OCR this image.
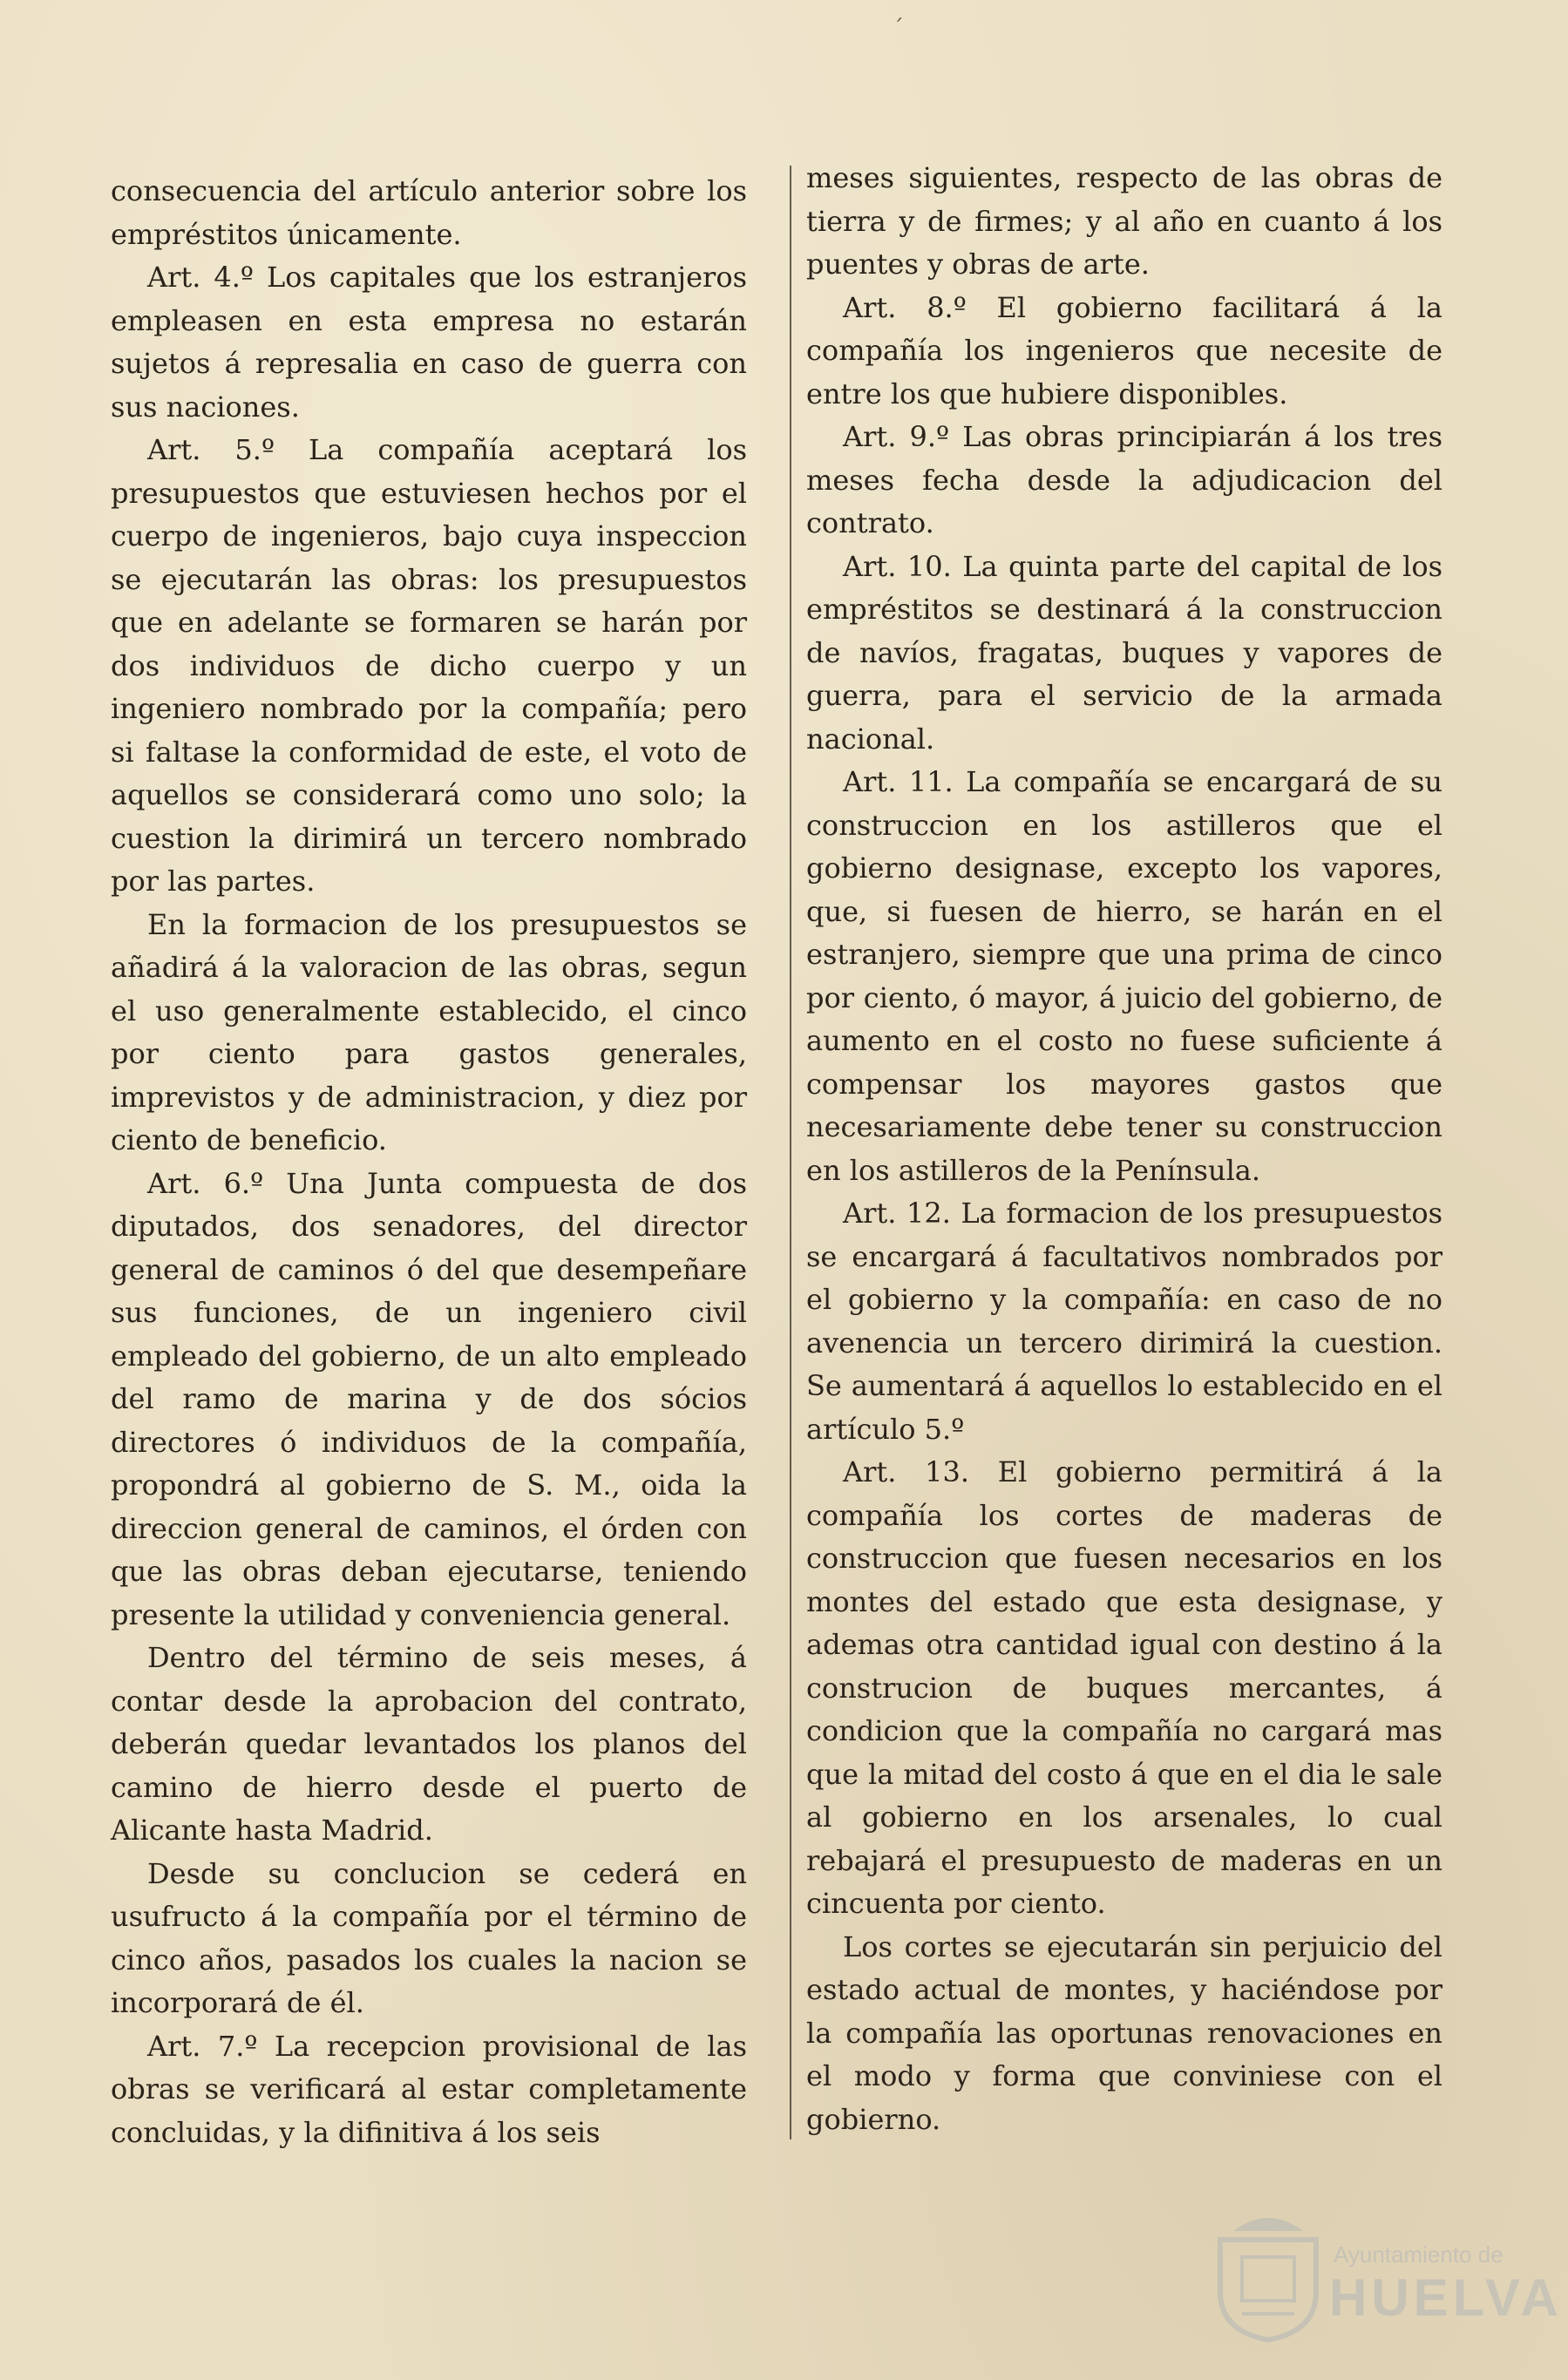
ˊ

consecuencia del artículo anterior sobre los empréstitos únicamente.

Art. 4.º Los capitales que los estranjeros empleasen en esta empresa no estarán sujetos á represalia en caso de guerra con sus naciones.

Art. 5.º La compañía aceptará los presupuestos que estuviesen hechos por el cuerpo de ingenieros, bajo cuya inspeccion se ejecutarán las obras: los presupuestos que en adelante se formaren se harán por dos individuos de dicho cuerpo y un ingeniero nombrado por la compañía; pero si faltase la conformidad de este, el voto de aquellos se considerará como uno solo; la cuestion la dirimirá un tercero nombrado por las partes.

En la formacion de los presupuestos se añadirá á la valoracion de las obras, segun el uso generalmente establecido, el cinco por ciento para gastos generales, imprevistos y de administracion, y diez por ciento de beneficio.

Art. 6.º Una Junta compuesta de dos diputados, dos senadores, del director general de caminos ó del que desempeñare sus funciones, de un ingeniero civil empleado del gobierno, de un alto empleado del ramo de marina y de dos sócios directores ó individuos de la compañía, propondrá al gobierno de S. M., oida la direccion general de caminos, el órden con que las obras deban ejecutarse, teniendo presente la utilidad y conveniencia general.

Dentro del término de seis meses, á contar desde la aprobacion del contrato, deberán quedar levantados los planos del camino de hierro desde el puerto de Alicante hasta Madrid.

Desde su conclucion se cederá en usufructo á la compañía por el término de cinco años, pasados los cuales la nacion se incorporará de él.

Art. 7.º La recepcion provisional de las obras se verificará al estar completamente concluidas, y la difinitiva á los seis

meses siguientes, respecto de las obras de tierra y de firmes; y al año en cuanto á los puentes y obras de arte.

Art. 8.º El gobierno facilitará á la compañía los ingenieros que necesite de entre los que hubiere disponibles.

Art. 9.º Las obras principiarán á los tres meses fecha desde la adjudicacion del contrato.

Art. 10. La quinta parte del capital de los empréstitos se destinará á la construccion de navíos, fragatas, buques y vapores de guerra, para el servicio de la armada nacional.

Art. 11. La compañía se encargará de su construccion en los astilleros que el gobierno designase, excepto los vapores, que, si fuesen de hierro, se harán en el estranjero, siempre que una prima de cinco por ciento, ó mayor, á juicio del gobierno, de aumento en el costo no fuese suficiente á compensar los mayores gastos que necesariamente debe tener su construccion en los astilleros de la Península.

Art. 12. La formacion de los presupuestos se encargará á facultativos nombrados por el gobierno y la compañía: en caso de no avenencia un tercero dirimirá la cuestion. Se aumentará á aquellos lo establecido en el artículo 5.º

Art. 13. El gobierno permitirá á la compañía los cortes de maderas de construccion que fuesen necesarios en los montes del estado que esta designase, y ademas otra cantidad igual con destino á la construcion de buques mercantes, á condicion que la compañía no cargará mas que la mitad del costo á que en el dia le sale al gobierno en los arsenales, lo cual rebajará el presupuesto de maderas en un cincuenta por ciento.

Los cortes se ejecutarán sin perjuicio del estado actual de montes, y haciéndose por la compañía las oportunas renovaciones en el modo y forma que conviniese con el gobierno.

Ayuntamiento de
HUELVA
